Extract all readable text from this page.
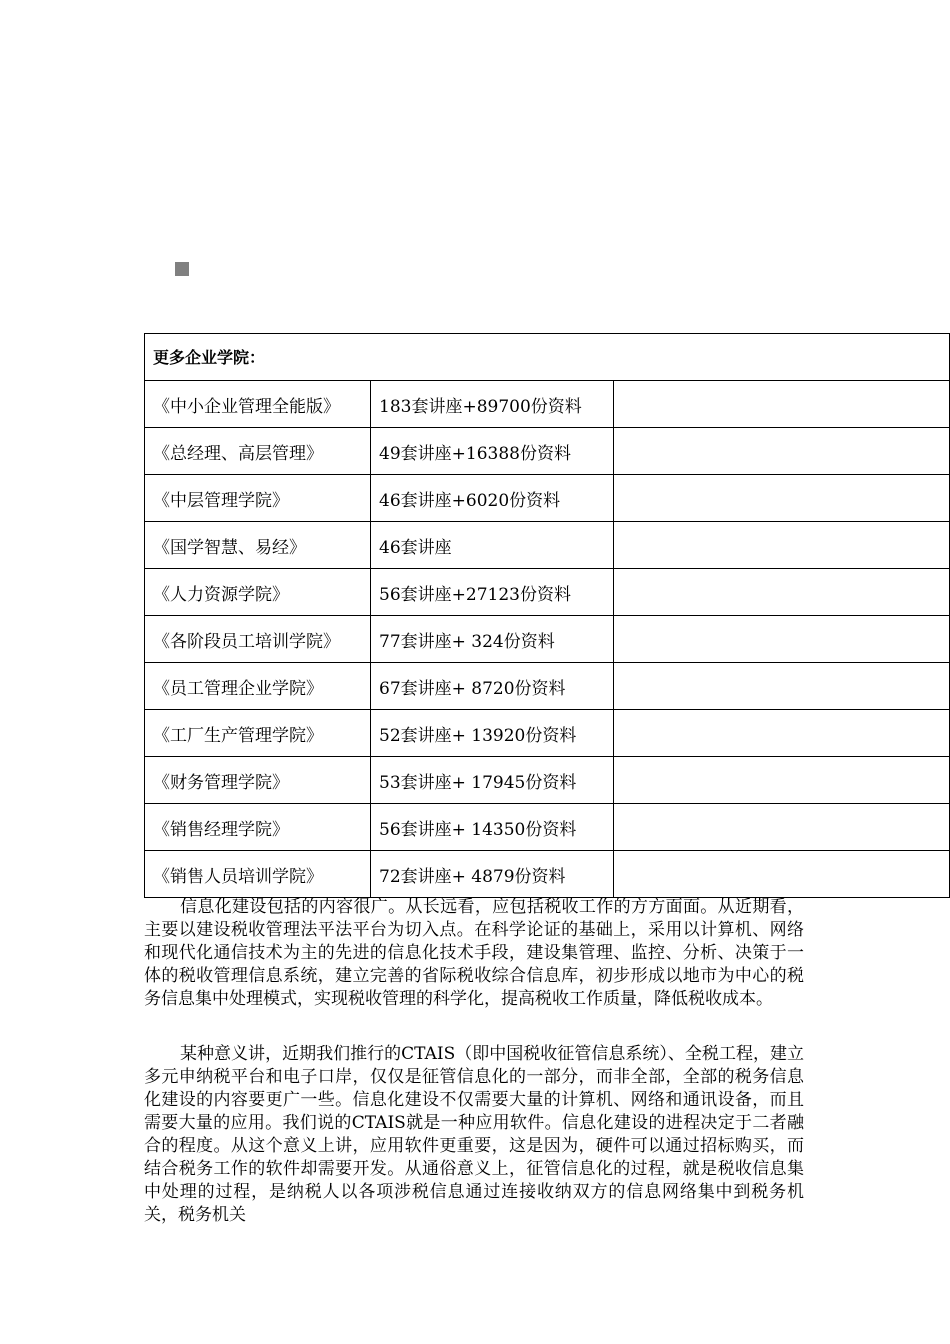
更多企业学院：		
《中小企业管理全能版》	183套讲座+89700份资料	
《总经理、高层管理》	49套讲座+16388份资料	
《中层管理学院》	46套讲座+6020份资料	
《国学智慧、易经》	46套讲座	
《人力资源学院》	56套讲座+27123份资料	
《各阶段员工培训学院》	77套讲座+ 324份资料	
《员工管理企业学院》	67套讲座+ 8720份资料	
《工厂生产管理学院》	52套讲座+ 13920份资料	
《财务管理学院》	53套讲座+ 17945份资料	
《销售经理学院》	56套讲座+ 14350份资料	
《销售人员培训学院》	72套讲座+ 4879份资料	

信息化建设包括的内容很广。从长远看，应包括税收工作的方方面面。从近期看，主要以建设税收管理法平法平台为切入点。在科学论证的基础上，采用以计算机、网络和现代化通信技术为主的先进的信息化技术手段，建设集管理、监控、分析、决策于一体的税收管理信息系统，建立完善的省际税收综合信息库，初步形成以地市为中心的税务信息集中处理模式，实现税收管理的科学化，提高税收工作质量，降低税收成本。

某种意义讲，近期我们推行的CTAIS（即中国税收征管信息系统）、全税工程，建立多元申纳税平台和电子口岸，仅仅是征管信息化的一部分，而非全部，全部的税务信息化建设的内容要更广一些。信息化建设不仅需要大量的计算机、网络和通讯设备，而且需要大量的应用。我们说的CTAIS就是一种应用软件。信息化建设的进程决定于二者融合的程度。从这个意义上讲，应用软件更重要，这是因为，硬件可以通过招标购买，而结合税务工作的软件却需要开发。从通俗意义上，征管信息化的过程，就是税收信息集中处理的过程，是纳税人以各项涉税信息通过连接收纳双方的信息网络集中到税务机关，税务机关
